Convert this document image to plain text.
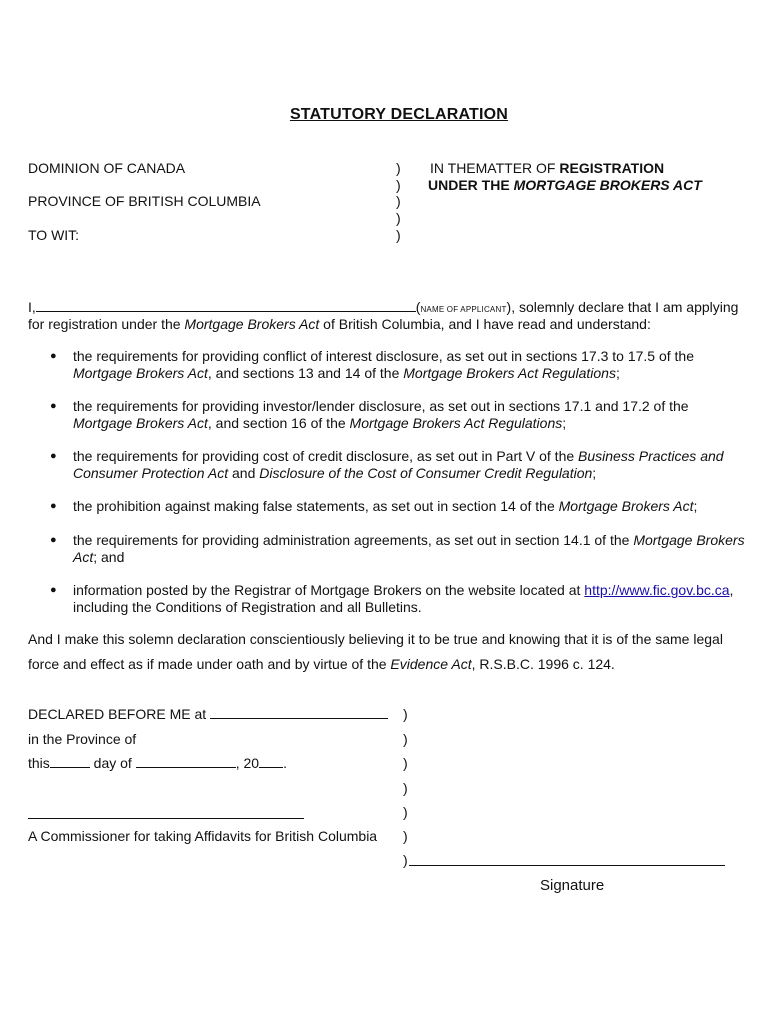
STATUTORY DECLARATION
DOMINION OF CANADA
PROVINCE OF BRITISH COLUMBIA
TO WIT:
)
)
)
)
)
IN THEMATTER OF REGISTRATION
UNDER THE MORTGAGE BROKERS ACT
I,	(NAME OF APPLICANT), solemnly declare that I am applying
for registration under the Mortgage Brokers Act of British Columbia, and I have read and understand:
● the requirements for providing conflict of interest disclosure, as set out in sections 17.3 to 17.5 of the
Mortgage Brokers Act, and sections 13 and 14 of the Mortgage Brokers Act Regulations;
● the requirements for providing investor/lender disclosure, as set out in sections 17.1 and 17.2 of the
Mortgage Brokers Act, and section 16 of the Mortgage Brokers Act Regulations;
● the requirements for providing cost of credit disclosure, as set out in Part V of the Business Practices and
Consumer Protection Act and Disclosure of the Cost of Consumer Credit Regulation;
● the prohibition against making false statements, as set out in section 14 of the Mortgage Brokers Act;
● the requirements for providing administration agreements, as set out in section 14.1 of the Mortgage Brokers
Act; and
● information posted by the Registrar of Mortgage Brokers on the website located at http://www.fic.gov.bc.ca,
including the Conditions of Registration and all Bulletins.
And I make this solemn declaration conscientiously believing it to be true and knowing that it is of the same legal
force and effect as if made under oath and by virtue of the Evidence Act, R.S.B.C. 1996 c. 124.
DECLARED BEFORE ME at
in the Province of
this	day of	, 20 .
A Commissioner for taking Affidavits for British Columbia
)
)
)
)
)
)
)
Signature
